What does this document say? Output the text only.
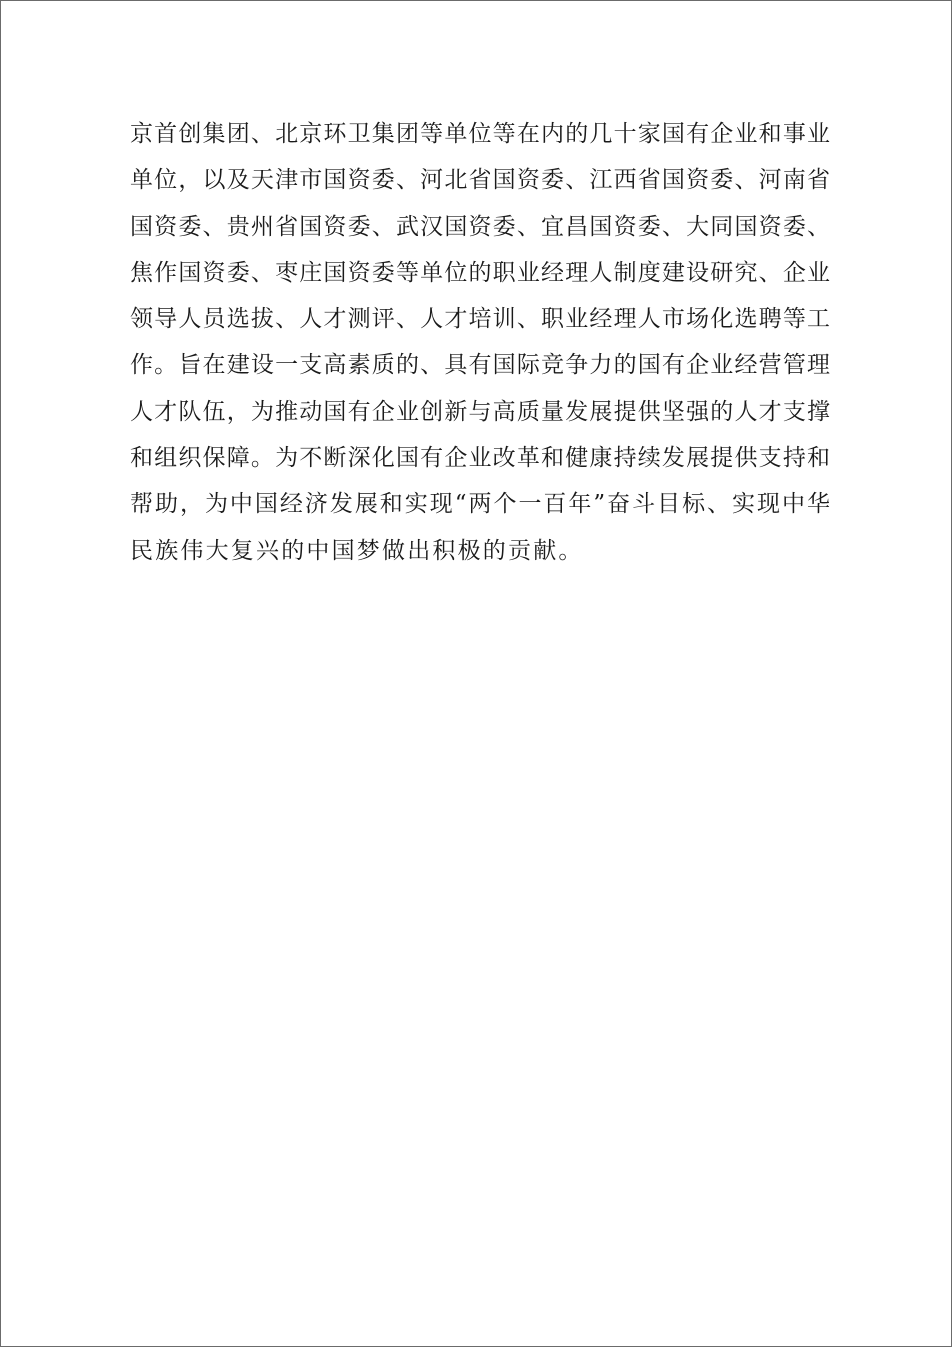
京首创集团、北京环卫集团等单位等在内的几十家国有企业和事业
单位，以及天津市国资委、河北省国资委、江西省国资委、河南省
国资委、贵州省国资委、武汉国资委、宜昌国资委、大同国资委、
焦作国资委、枣庄国资委等单位的职业经理人制度建设研究、企业
领导人员选拔、人才测评、人才培训、职业经理人市场化选聘等工
作。旨在建设一支高素质的、具有国际竞争力的国有企业经营管理
人才队伍，为推动国有企业创新与高质量发展提供坚强的人才支撑
和组织保障。为不断深化国有企业改革和健康持续发展提供支持和
帮助，为中国经济发展和实现“两个一百年”奋斗目标、实现中华
民族伟大复兴的中国梦做出积极的贡献。
